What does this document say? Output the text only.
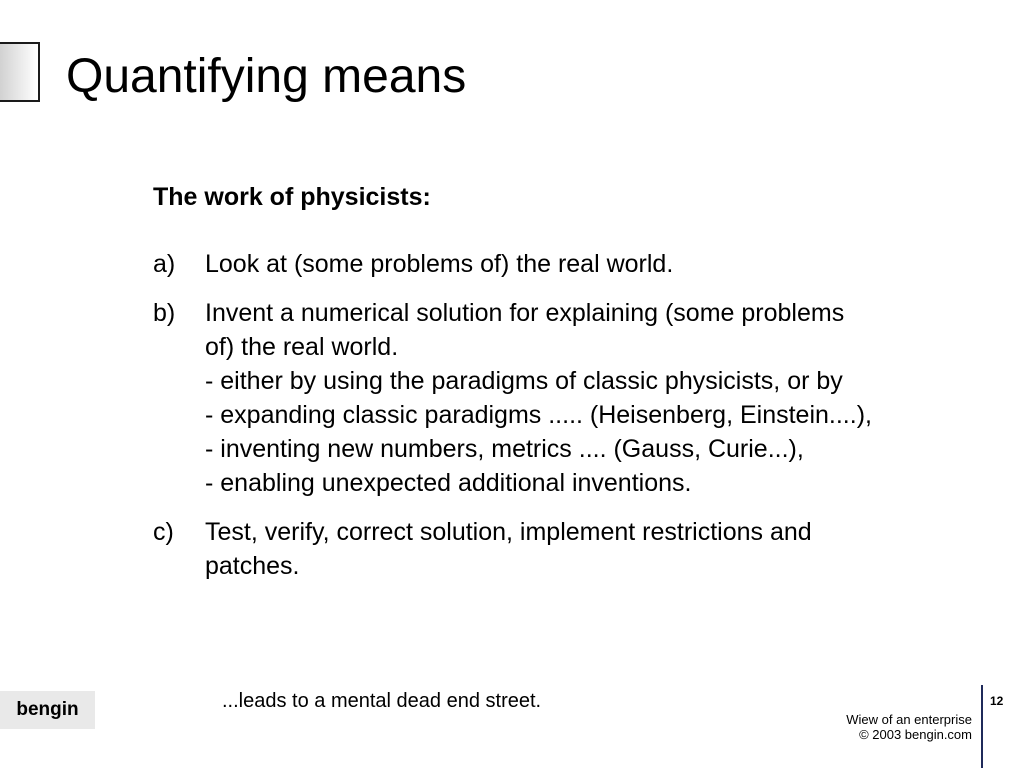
Quantifying means
The work of physicists:
a) Look at (some problems of) the real world.
b) Invent a numerical solution for explaining (some problems
of) the real world.
- either by using the paradigms of classic physicists, or by
- expanding classic paradigms ..... (Heisenberg, Einstein....),
- inventing new numbers, metrics .... (Gauss, Curie...),
- enabling unexpected additional inventions.
c) Test, verify, correct solution, implement restrictions and
patches.
...leads to a mental dead end street.
bengin	Wiew of an enterprise
© 2003 bengin.com
12
